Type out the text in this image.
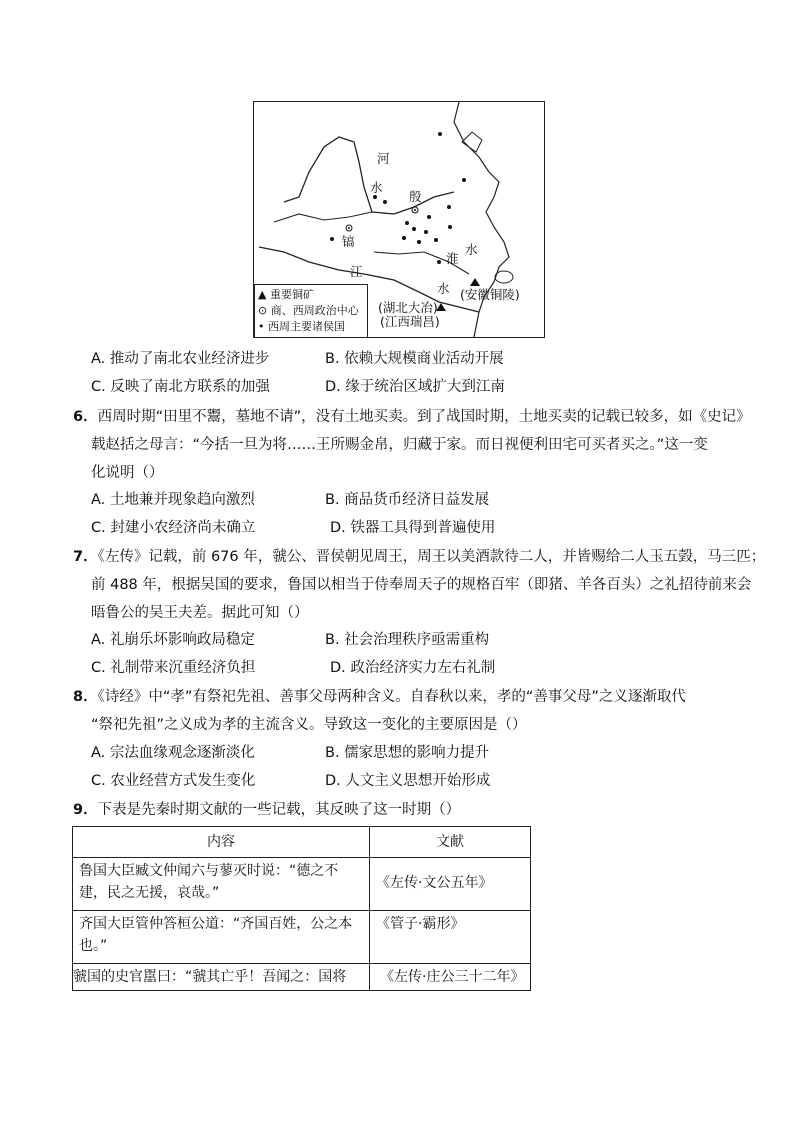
河
水
殷
镐
江
淮
水
水 (安徽铜陵)
(湖北大冶)
(江西瑞昌)
▲ 重要铜矿
⊙ 商、西周政治中心
• 西周主要诸侯国
A. 推动了南北农业经济进步	B. 依赖大规模商业活动开展
C. 反映了南北方联系的加强	D. 缘于统治区域扩大到江南
6．西周时期“田里不鬻，墓地不请”，没有土地买卖。到了战国时期，土地买卖的记载已较多，如《史记》
载赵括之母言：“今括一旦为将……王所赐金帛，归藏于家。而日视便利田宅可买者买之。”这一变
化说明（）
A. 土地兼并现象趋向激烈	B. 商品货币经济日益发展
C. 封建小农经济尚未确立	D. 铁器工具得到普遍使用
7．《左传》记载，前 676 年，虢公、晋侯朝见周王，周王以美酒款待二人，并皆赐给二人玉五瑴，马三匹；
前 488 年，根据吴国的要求，鲁国以相当于侍奉周天子的规格百牢（即猪、羊各百头）之礼招待前来会
晤鲁公的吴王夫差。据此可知（）
A. 礼崩乐坏影响政局稳定	B. 社会治理秩序亟需重构
C. 礼制带来沉重经济负担	D. 政治经济实力左右礼制
8．《诗经》中“孝”有祭祀先祖、善事父母两种含义。自春秋以来，孝的“善事父母”之义逐渐取代
“祭祀先祖”之义成为孝的主流含义。导致这一变化的主要原因是（）
A. 宗法血缘观念逐渐淡化	B. 儒家思想的影响力提升
C. 农业经营方式发生变化	D. 人文主义思想开始形成
9．下表是先秦时期文献的一些记载，其反映了这一时期（）
内容	文献
鲁国大臣臧文仲闻六与蓼灭时说：“德之不建，民之无援，哀哉。”	《左传·文公五年》
齐国大臣管仲答桓公道：“齐国百姓，公之本也。”	《管子·霸形》
虢国的史官嚚曰：“虢其亡乎！吾闻之：国将	《左传·庄公三十二年》
